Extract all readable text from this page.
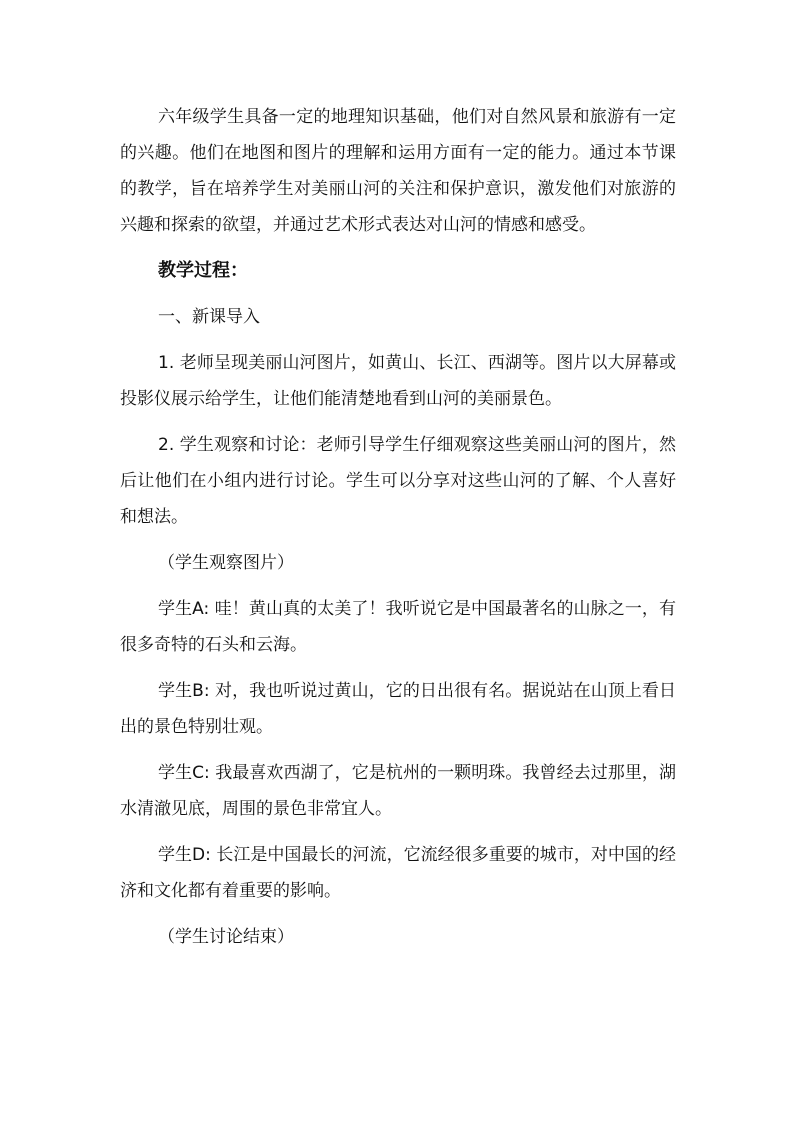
六年级学生具备一定的地理知识基础，他们对自然风景和旅游有一定的兴趣。他们在地图和图片的理解和运用方面有一定的能力。通过本节课的教学，旨在培养学生对美丽山河的关注和保护意识，激发他们对旅游的兴趣和探索的欲望，并通过艺术形式表达对山河的情感和感受。

教学过程：

一、新课导入

1. 老师呈现美丽山河图片，如黄山、长江、西湖等。图片以大屏幕或投影仪展示给学生，让他们能清楚地看到山河的美丽景色。

2. 学生观察和讨论：老师引导学生仔细观察这些美丽山河的图片，然后让他们在小组内进行讨论。学生可以分享对这些山河的了解、个人喜好和想法。

（学生观察图片）

学生A: 哇！黄山真的太美了！我听说它是中国最著名的山脉之一，有很多奇特的石头和云海。

学生B: 对，我也听说过黄山，它的日出很有名。据说站在山顶上看日出的景色特别壮观。

学生C: 我最喜欢西湖了，它是杭州的一颗明珠。我曾经去过那里，湖水清澈见底，周围的景色非常宜人。

学生D: 长江是中国最长的河流，它流经很多重要的城市，对中国的经济和文化都有着重要的影响。

（学生讨论结束）
